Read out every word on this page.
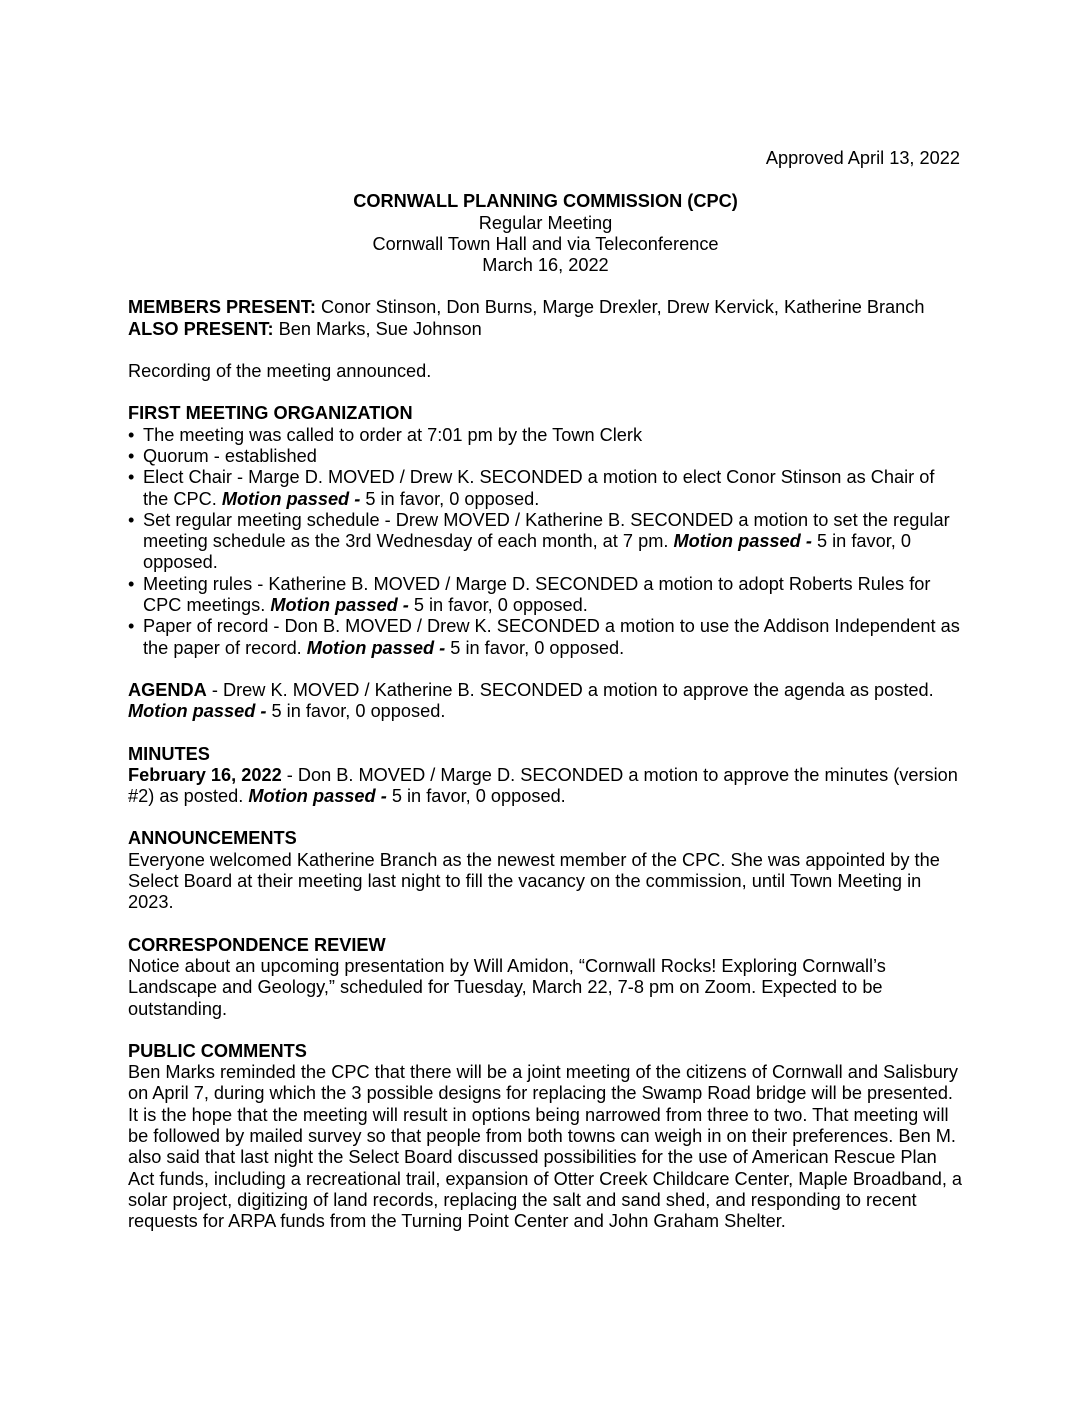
Approved April 13, 2022

CORNWALL PLANNING COMMISSION (CPC)
Regular Meeting
Cornwall Town Hall and via Teleconference
March 16, 2022

MEMBERS PRESENT: Conor Stinson, Don Burns, Marge Drexler, Drew Kervick, Katherine Branch

ALSO PRESENT: Ben Marks, Sue Johnson

Recording of the meeting announced.

FIRST MEETING ORGANIZATION

• The meeting was called to order at 7:01 pm by the Town Clerk
• Quorum - established
• Elect Chair - Marge D. MOVED / Drew K. SECONDED a motion to elect Conor Stinson as Chair of the CPC. Motion passed - 5 in favor, 0 opposed.
• Set regular meeting schedule - Drew MOVED / Katherine B. SECONDED a motion to set the regular meeting schedule as the 3rd Wednesday of each month, at 7 pm. Motion passed - 5 in favor, 0 opposed.
• Meeting rules - Katherine B. MOVED / Marge D. SECONDED a motion to adopt Roberts Rules for CPC meetings. Motion passed - 5 in favor, 0 opposed.
• Paper of record - Don B. MOVED / Drew K. SECONDED a motion to use the Addison Independent as the paper of record. Motion passed - 5 in favor, 0 opposed.

AGENDA - Drew K. MOVED / Katherine B. SECONDED a motion to approve the agenda as posted. Motion passed - 5 in favor, 0 opposed.

MINUTES

February 16, 2022 - Don B. MOVED / Marge D. SECONDED a motion to approve the minutes (version #2) as posted. Motion passed - 5 in favor, 0 opposed.

ANNOUNCEMENTS

Everyone welcomed Katherine Branch as the newest member of the CPC. She was appointed by the Select Board at their meeting last night to fill the vacancy on the commission, until Town Meeting in 2023.

CORRESPONDENCE REVIEW

Notice about an upcoming presentation by Will Amidon, “Cornwall Rocks! Exploring Cornwall’s Landscape and Geology,” scheduled for Tuesday, March 22, 7-8 pm on Zoom. Expected to be outstanding.

PUBLIC COMMENTS

Ben Marks reminded the CPC that there will be a joint meeting of the citizens of Cornwall and Salisbury on April 7, during which the 3 possible designs for replacing the Swamp Road bridge will be presented. It is the hope that the meeting will result in options being narrowed from three to two. That meeting will be followed by mailed survey so that people from both towns can weigh in on their preferences. Ben M. also said that last night the Select Board discussed possibilities for the use of American Rescue Plan Act funds, including a recreational trail, expansion of Otter Creek Childcare Center, Maple Broadband, a solar project, digitizing of land records, replacing the salt and sand shed, and responding to recent requests for ARPA funds from the Turning Point Center and John Graham Shelter.
